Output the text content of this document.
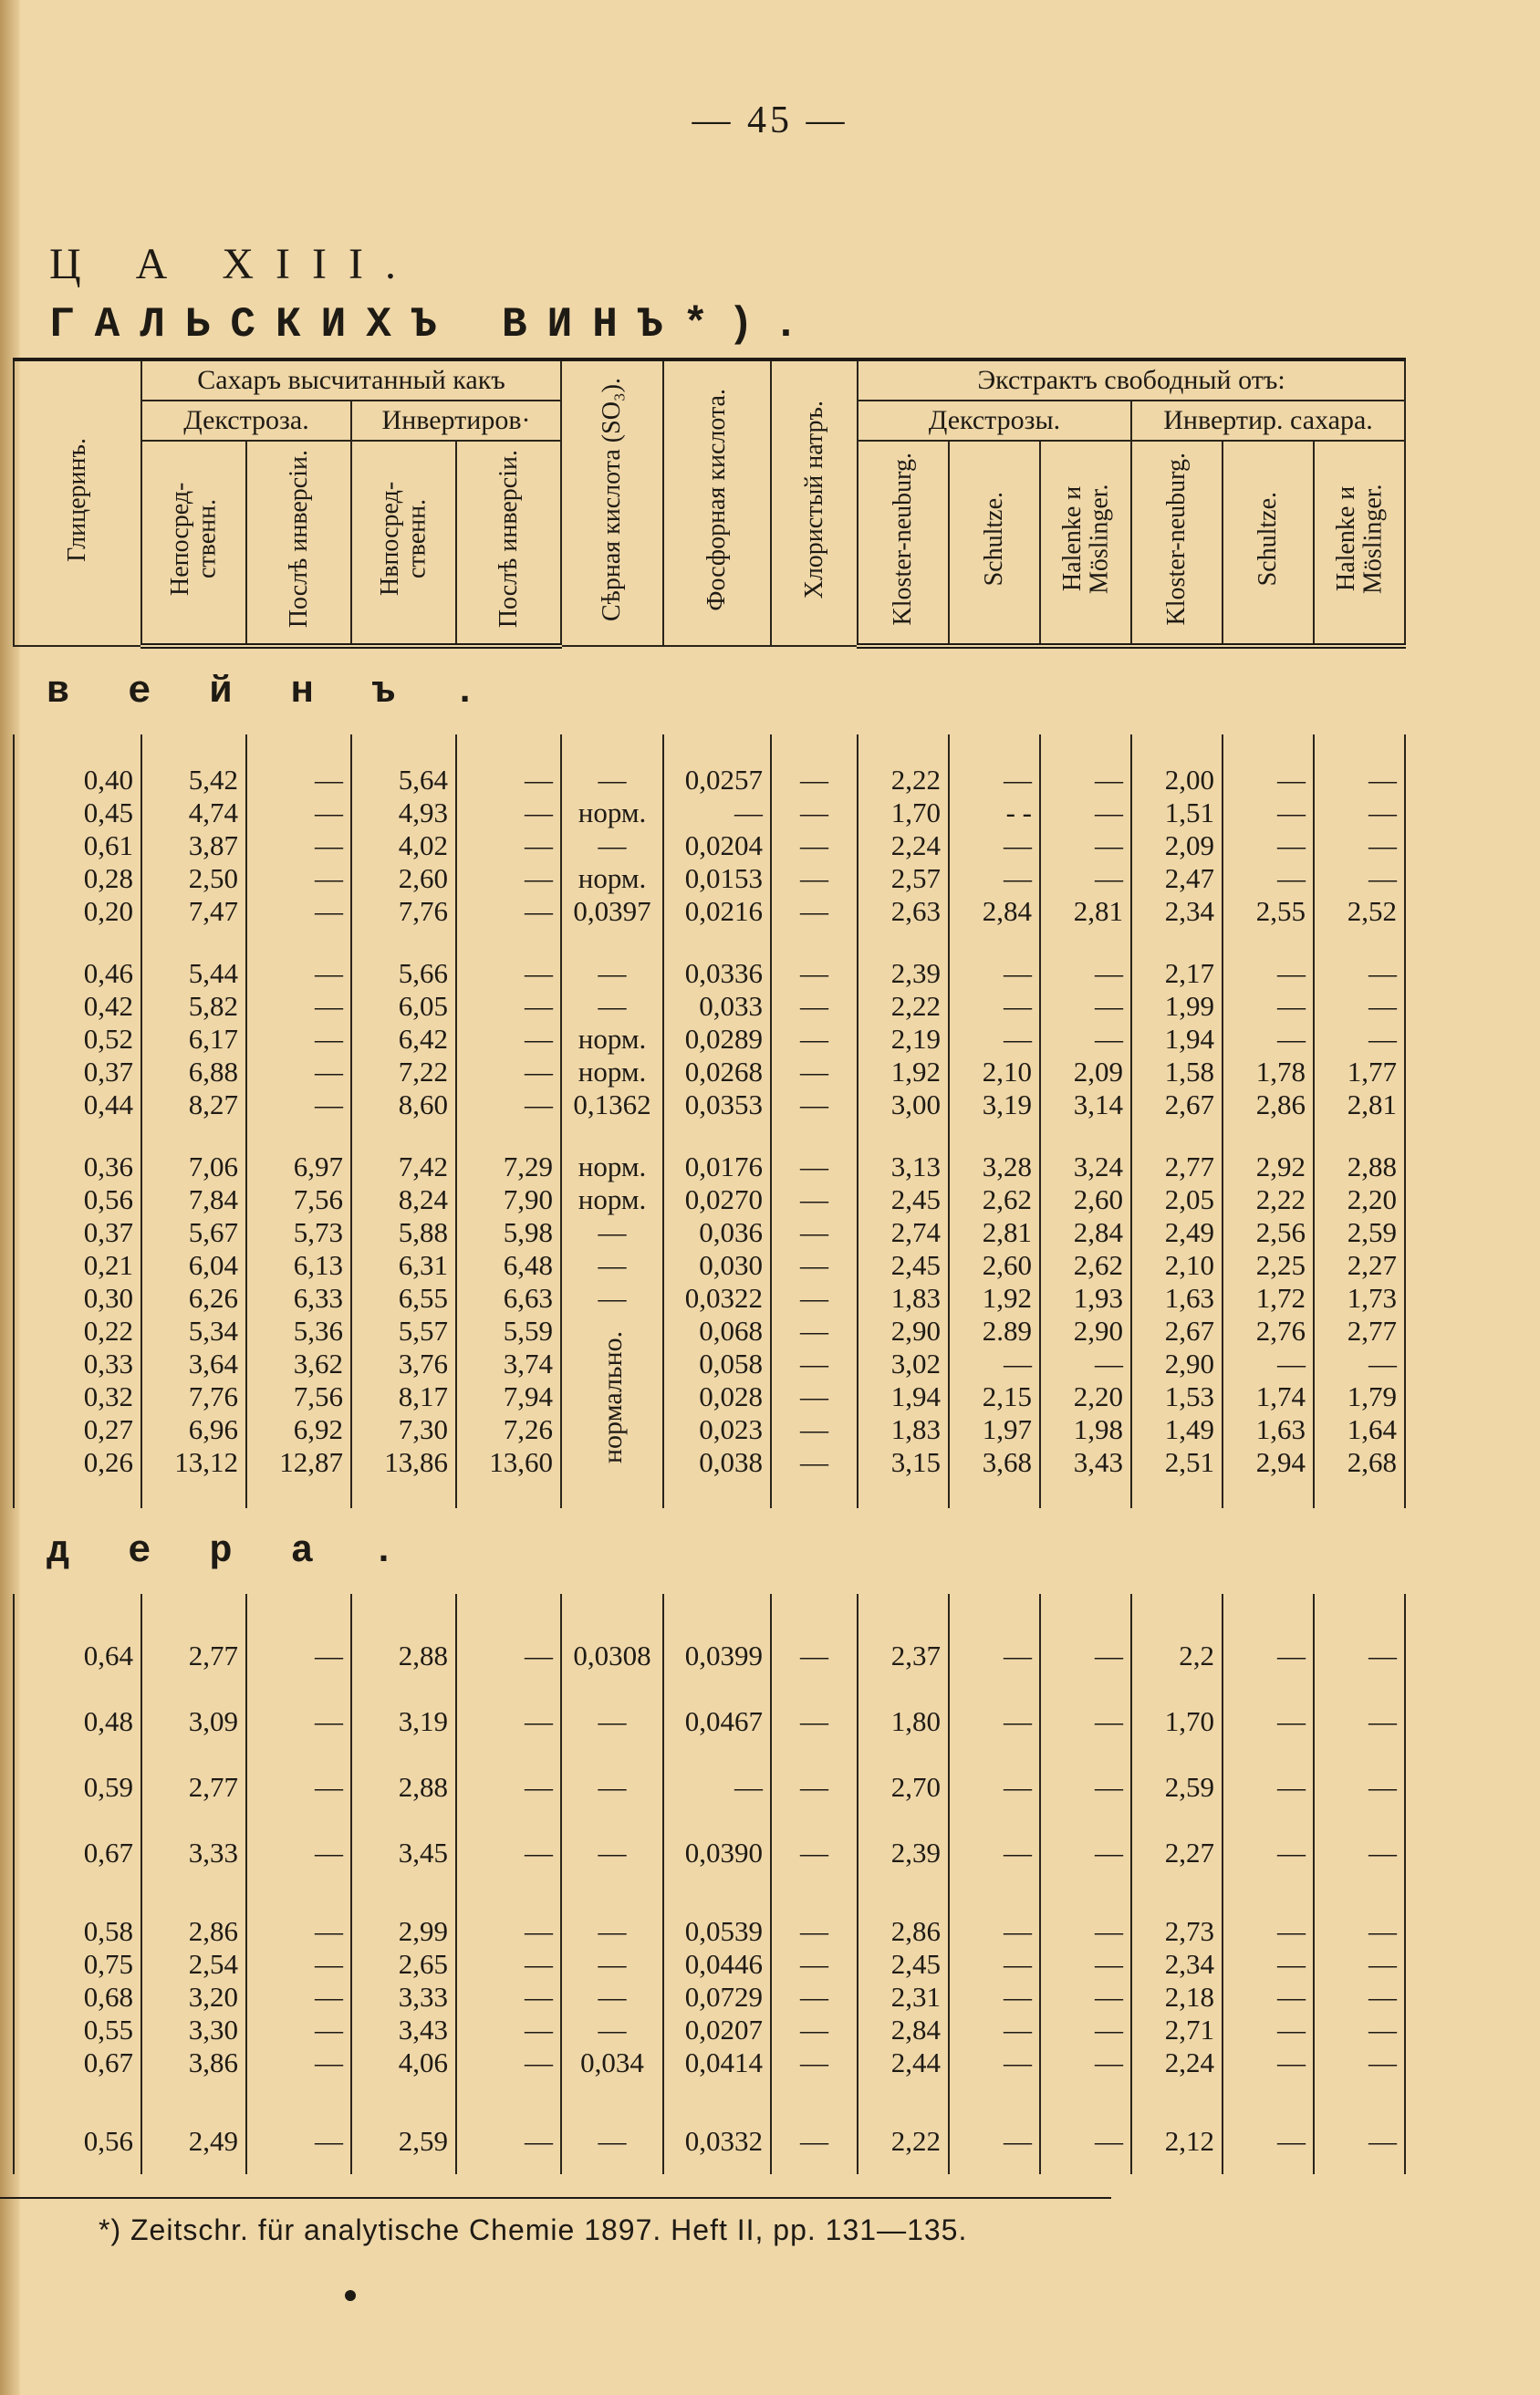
— 45 —
Ц А XIII.
ГАЛЬСКИХЪ ВИНЪ*).
Глицеринъ.	Сахаръ высчитанный какъ				Сѣрная кислота (SO₃).	Фосфорная кислота.	Хлористый натръ.	Экстрактъ свободный отъ:					
	Декстроза.		Инвертиров·					Декстрозы.			Инвертир. сахара.		
	Непосред-ственн.	Послѣ инверсіи.	Нвпосред-ственн.	Послѣ инверсіи.				Kloster-neuburg.	Schultze.	Halenke и Möslinger.	Kloster-neuburg.	Schultze.	Halenke и Möslinger.
вейнъ.													

0,40	5,42	—	5,64	—	—	0,0257	—	2,22	—	—	2,00	—	—
0,45	4,74	—	4,93	—	норм.	—	—	1,70	- -	—	1,51	—	—
0,61	3,87	—	4,02	—	—	0,0204	—	2,24	—	—	2,09	—	—
0,28	2,50	—	2,60	—	норм.	0,0153	—	2,57	—	—	2,47	—	—
0,20	7,47	—	7,76	—	0,0397	0,0216	—	2,63	2,84	2,81	2,34	2,55	2,52

0,46	5,44	—	5,66	—	—	0,0336	—	2,39	—	—	2,17	—	—
0,42	5,82	—	6,05	—	—	0,033	—	2,22	—	—	1,99	—	—
0,52	6,17	—	6,42	—	норм.	0,0289	—	2,19	—	—	1,94	—	—
0,37	6,88	—	7,22	—	норм.	0,0268	—	1,92	2,10	2,09	1,58	1,78	1,77
0,44	8,27	—	8,60	—	0,1362	0,0353	—	3,00	3,19	3,14	2,67	2,86	2,81

0,36	7,06	6,97	7,42	7,29	норм.	0,0176	—	3,13	3,28	3,24	2,77	2,92	2,88
0,56	7,84	7,56	8,24	7,90	норм.	0,0270	—	2,45	2,62	2,60	2,05	2,22	2,20
0,37	5,67	5,73	5,88	5,98	—	0,036	—	2,74	2,81	2,84	2,49	2,56	2,59
0,21	6,04	6,13	6,31	6,48	—	0,030	—	2,45	2,60	2,62	2,10	2,25	2,27
0,30	6,26	6,33	6,55	6,63	—	0,0322	—	1,83	1,92	1,93	1,63	1,72	1,73
0,22	5,34	5,36	5,57	5,59		0,068	—	2,90	2.89	2,90	2,67	2,76	2,77
0,33	3,64	3,62	3,76	3,74		0,058	—	3,02	—	—	2,90	—	—
0,32	7,76	7,56	8,17	7,94		0,028	—	1,94	2,15	2,20	1,53	1,74	1,79
0,27	6,96	6,92	7,30	7,26		0,023	—	1,83	1,97	1,98	1,49	1,63	1,64
0,26	13,12	12,87	13,86	13,60		0,038	—	3,15	3,68	3,43	2,51	2,94	2,68

дера.													

0,64	2,77	—	2,88	—	0,0308	0,0399	—	2,37	—	—	2,2	—	—
0,48	3,09	—	3,19	—	—	0,0467	—	1,80	—	—	1,70	—	—
0,59	2,77	—	2,88	—	—	—	—	2,70	—	—	2,59	—	—
0,67	3,33	—	3,45	—	—	0,0390	—	2,39	—	—	2,27	—	—

0,58	2,86	—	2,99	—	—	0,0539	—	2,86	—	—	2,73	—	—
0,75	2,54	—	2,65	—	—	0,0446	—	2,45	—	—	2,34	—	—
0,68	3,20	—	3,33	—	—	0,0729	—	2,31	—	—	2,18	—	—
0,55	3,30	—	3,43	—	—	0,0207	—	2,84	—	—	2,71	—	—
0,67	3,86	—	4,06	—	0,034	0,0414	—	2,44	—	—	2,24	—	—

0,56	2,49	—	2,59	—	—	0,0332	—	2,22	—	—	2,12	—	—
*) Zeitschr. für analytische Chemie 1897. Heft II, pp. 131—135.
нормально.
